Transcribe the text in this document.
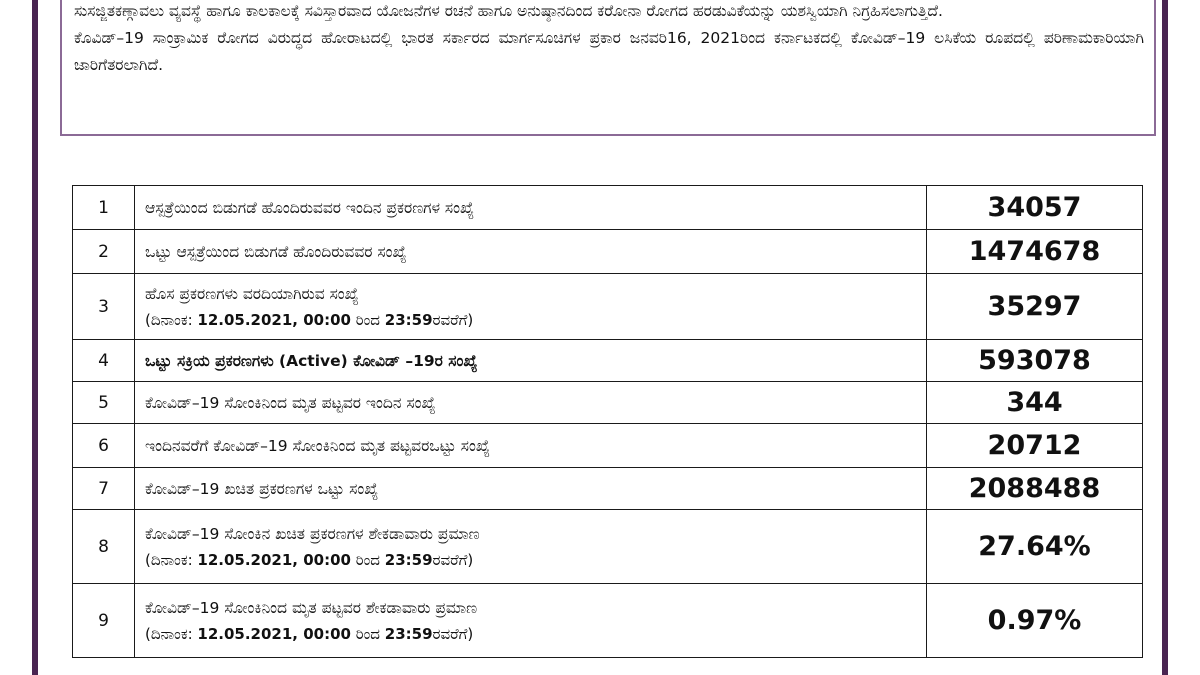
ಸುಸಜ್ಜಿತಕಣ್ಗಾವಲು ವ್ಯವಸ್ಥೆ ಹಾಗೂ ಕಾಲಕಾಲಕ್ಕೆ ಸವಿಸ್ತಾರವಾದ ಯೋಜನೆಗಳ ರಚನೆ ಹಾಗೂ ಅನುಷ್ಠಾನದಿಂದ ಕರೋನಾ ರೋಗದ ಹರಡುವಿಕೆಯನ್ನು ಯಶಸ್ವಿಯಾಗಿ ನಿಗ್ರಹಿಸಲಾಗುತ್ತಿದೆ.

ಕೊವಿಡ್–19 ಸಾಂಕ್ರಾಮಿಕ ರೋಗದ ವಿರುದ್ಧದ ಹೋರಾಟದಲ್ಲಿ ಭಾರತ ಸರ್ಕಾರದ ಮಾರ್ಗಸೂಚಿಗಳ ಪ್ರಕಾರ ಜನವರಿ16, 2021ರಿಂದ ಕರ್ನಾಟಕದಲ್ಲಿ ಕೋವಿಡ್–19 ಲಸಿಕೆಯ ರೂಪದಲ್ಲಿ ಪರಿಣಾಮಕಾರಿಯಾಗಿ ಜಾರಿಗೆತರಲಾಗಿದೆ.

1	ಆಸ್ಪತ್ರೆಯಿಂದ ಬಿಡುಗಡೆ ಹೊಂದಿರುವವರ ಇಂದಿನ ಪ್ರಕರಣಗಳ ಸಂಖ್ಯೆ	34057
2	ಒಟ್ಟು ಆಸ್ಪತ್ರೆಯಿಂದ ಬಿಡುಗಡೆ ಹೊಂದಿರುವವರ ಸಂಖ್ಯೆ	1474678
3	ಹೊಸ ಪ್ರಕರಣಗಳು ವರದಿಯಾಗಿರುವ ಸಂಖ್ಯೆ
(ದಿನಾಂಕ: 12.05.2021, 00:00 ರಿಂದ 23:59ರವರೆಗೆ)	35297
4	ಒಟ್ಟು ಸಕ್ರಿಯ ಪ್ರಕರಣಗಳು (Active) ಕೋವಿಡ್ –19ರ ಸಂಖ್ಯೆ	593078
5	ಕೋವಿಡ್–19 ಸೋಂಕಿನಿಂದ ಮೃತ ಪಟ್ಟವರ ಇಂದಿನ ಸಂಖ್ಯೆ	344
6	ಇಂದಿನವರೆಗೆ ಕೋವಿಡ್–19 ಸೋಂಕಿನಿಂದ ಮೃತ ಪಟ್ಟವರಒಟ್ಟು ಸಂಖ್ಯೆ	20712
7	ಕೋವಿಡ್–19 ಖಚಿತ ಪ್ರಕರಣಗಳ ಒಟ್ಟು ಸಂಖ್ಯೆ	2088488
8	ಕೋವಿಡ್–19 ಸೋಂಕಿನ ಖಚಿತ ಪ್ರಕರಣಗಳ ಶೇಕಡಾವಾರು ಪ್ರಮಾಣ
(ದಿನಾಂಕ: 12.05.2021, 00:00 ರಿಂದ 23:59ರವರೆಗೆ)	27.64%
9	ಕೋವಿಡ್–19 ಸೋಂಕಿನಿಂದ ಮೃತ ಪಟ್ಟವರ ಶೇಕಡಾವಾರು ಪ್ರಮಾಣ
(ದಿನಾಂಕ: 12.05.2021, 00:00 ರಿಂದ 23:59ರವರೆಗೆ)	0.97%
